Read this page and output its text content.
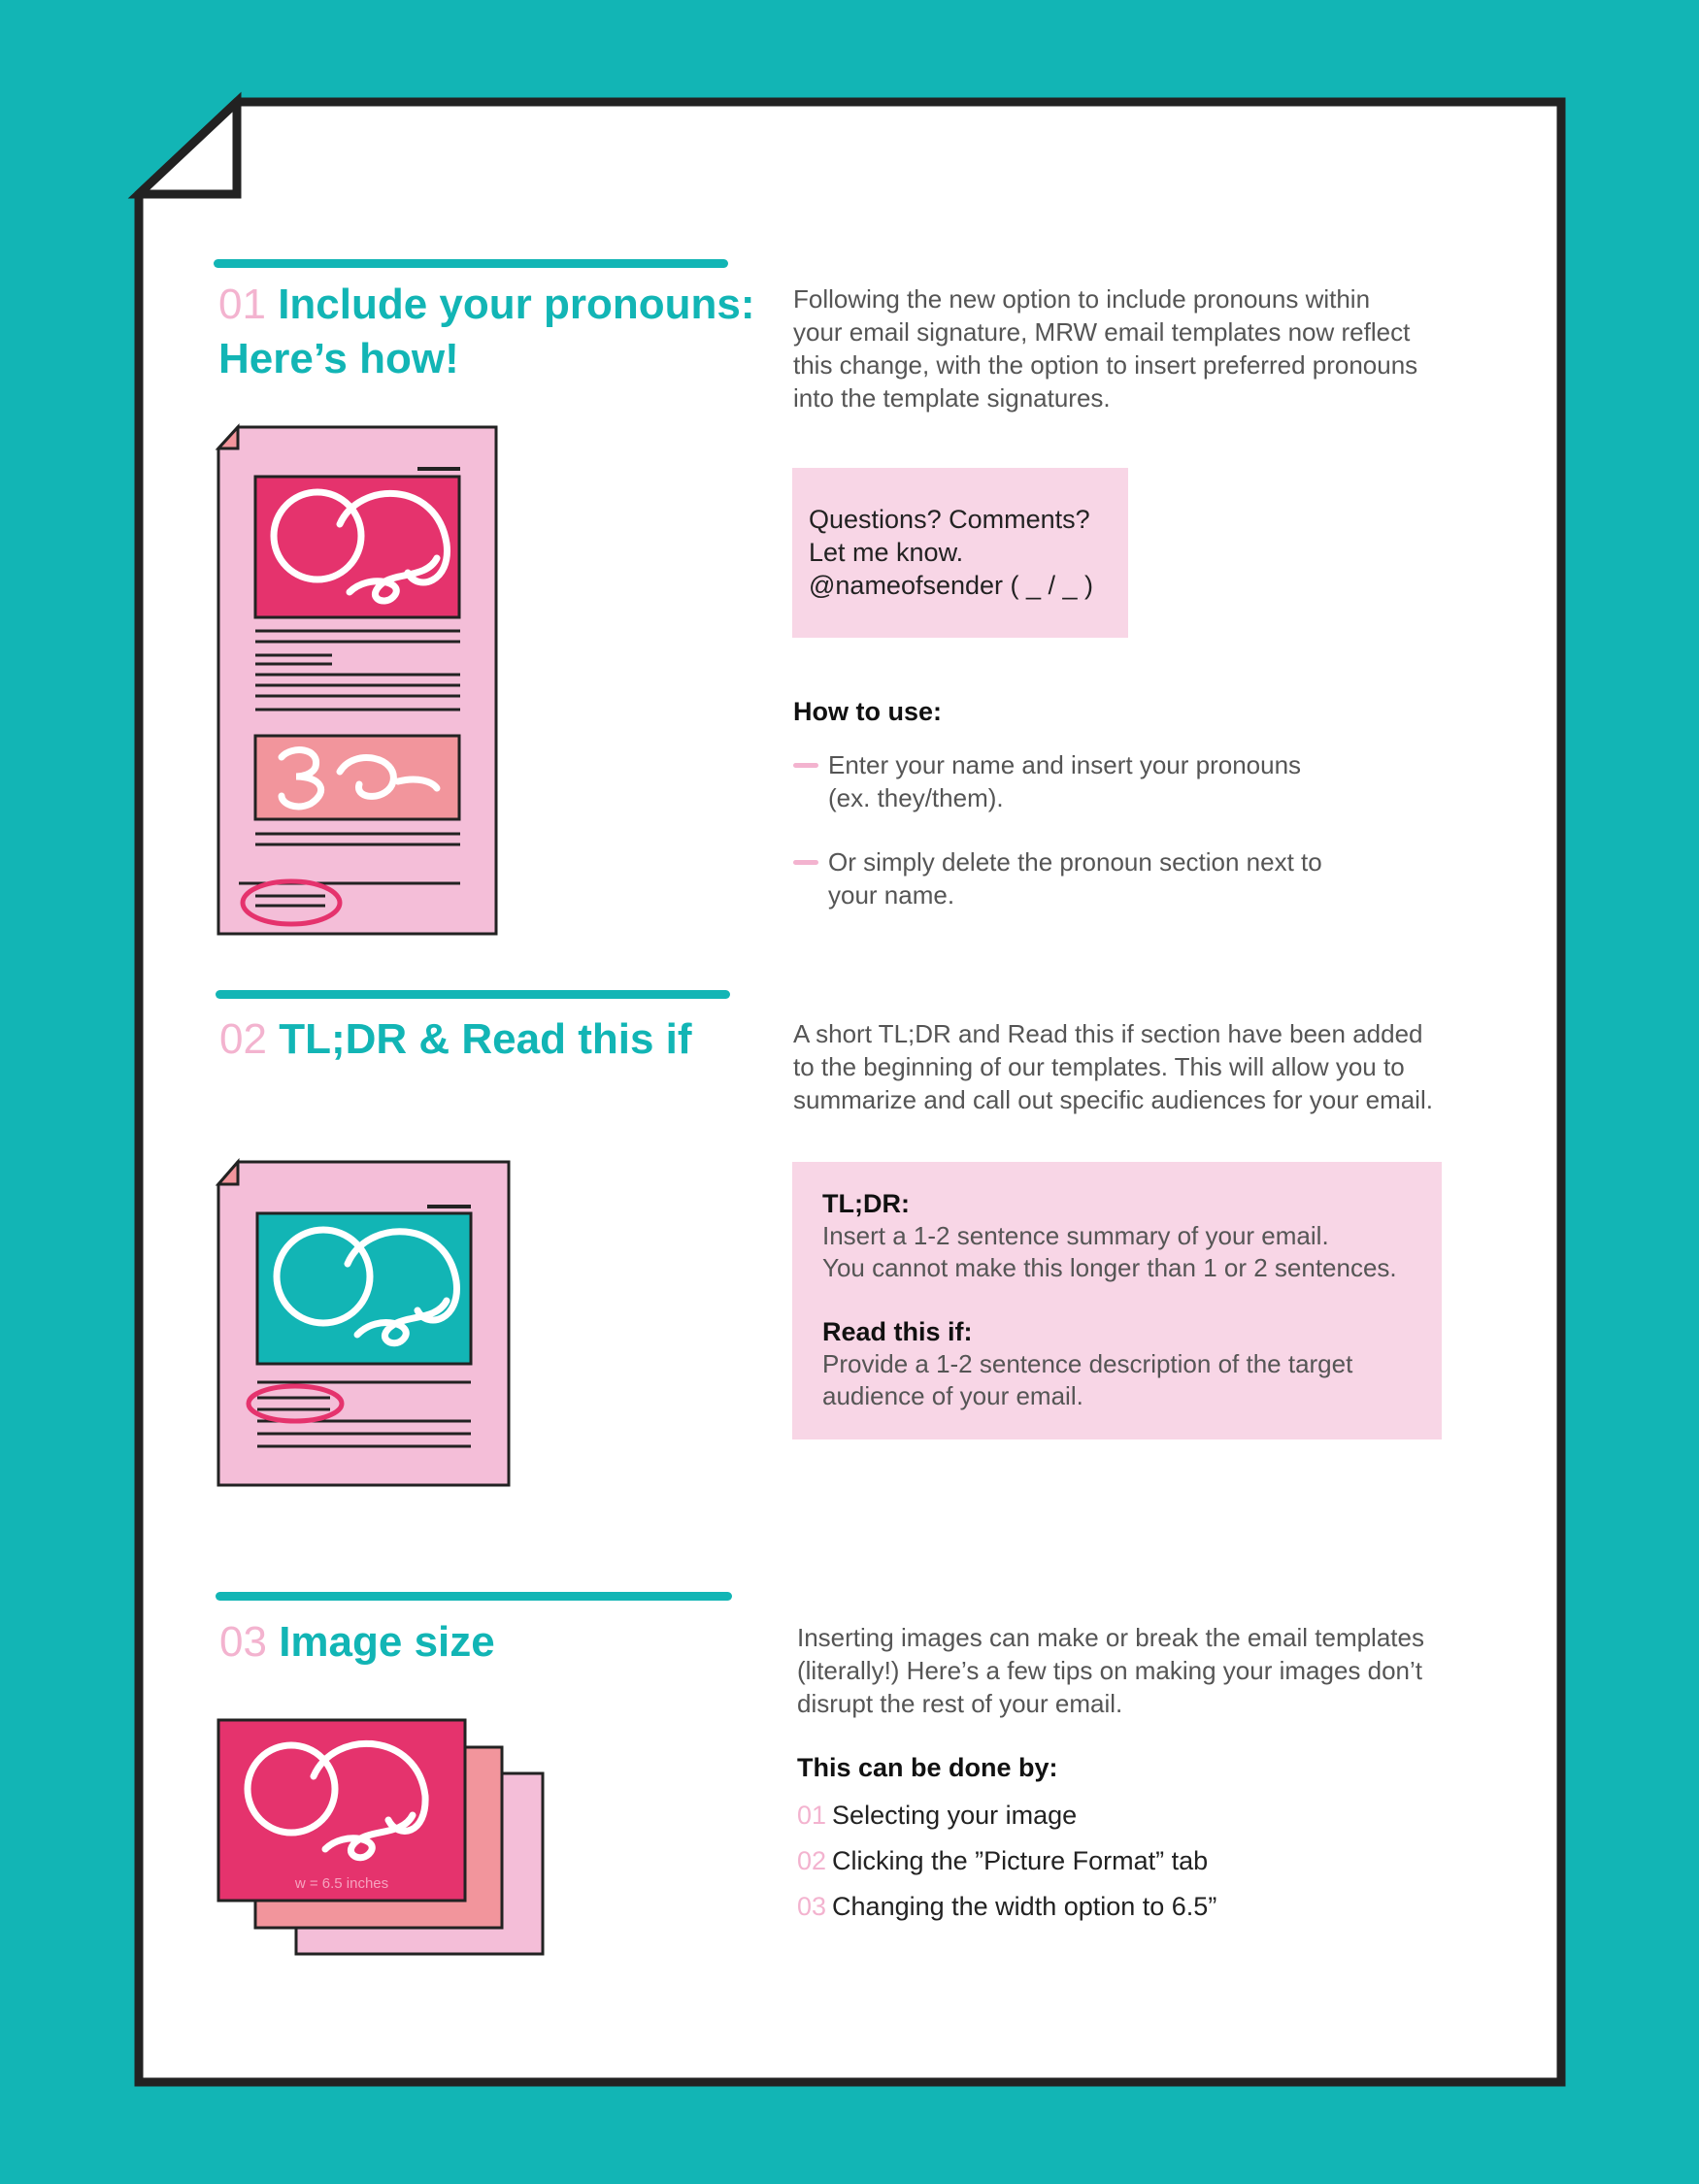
01 Include your pronouns:
Here’s how!

Following the new option to include pronouns within
your email signature, MRW email templates now reflect
this change, with the option to insert preferred pronouns
into the template signatures.

Questions? Comments?
Let me know.
@nameofsender ( _ / _ )

How to use:

Enter your name and insert your pronouns
(ex. they/them).
Or simply delete the pronoun section next to
your name.
02 TL;DR & Read this if	A short TL;DR and Read this if section have been added
to the beginning of our templates. This will allow you to
summarize and call out specific audiences for your email.

TL;DR:
Insert a 1-2 sentence summary of your email.
You cannot make this longer than 1 or 2 sentences.
Read this if:
Provide a 1-2 sentence description of the target
audience of your email.
03 Image size	Inserting images can make or break the email templates
(literally!) Here’s a few tips on making your images don’t
disrupt the rest of your email.

This can be done by:

01 Selecting your image
02 Clicking the ”Picture Format” tab
03 Changing the width option to 6.5”
w = 6.5 inches
